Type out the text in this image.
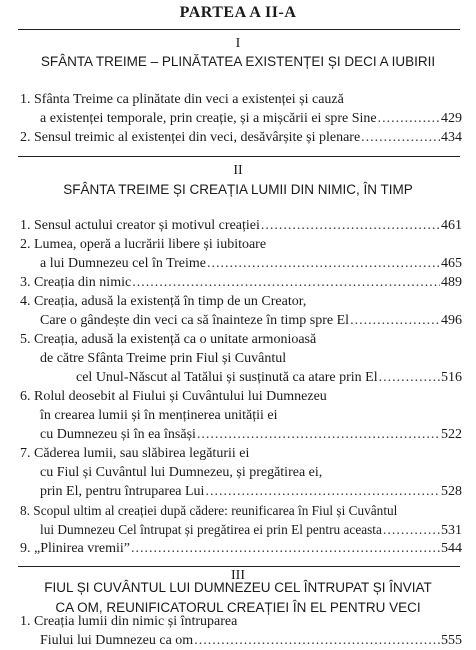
PARTEA A II-A
I
SFÂNTA TREIME – PLINĂTATEA EXISTENȚEI ȘI DECI A IUBIRII
1. Sfânta Treime ca plinătate din veci a existenței și cauză
a existenței temporale, prin creație, și a mișcării ei spre Sine .....	429
2. Sensul treimic al existenței din veci, desăvârșite și plenare .....	434
II
SFÂNTA TREIME ȘI CREAȚIA LUMII DIN NIMIC, ÎN TIMP
1. Sensul actului creator și motivul creației .....	461
2. Lumea, operă a lucrării libere și iubitoare
a lui Dumnezeu cel în Treime .....	465
3. Creația din nimic .....	489
4. Creația, adusă la existență în timp de un Creator,
Care o gândește din veci ca să înainteze în timp spre El .....	496
5. Creația, adusă la existență ca o unitate armonioasă
de către Sfânta Treime prin Fiul și Cuvântul
cel Unul-Născut al Tatălui și susținută ca atare prin El .....	516
6. Rolul deosebit al Fiului și Cuvântului lui Dumnezeu
în crearea lumii și în menținerea unității ei
cu Dumnezeu și în ea însăși .....	522
7. Căderea lumii, sau slăbirea legăturii ei
cu Fiul și Cuvântul lui Dumnezeu, și pregătirea ei,
prin El, pentru întruparea Lui .....	528
8. Scopul ultim al creației după cădere: reunificarea în Fiul și Cuvântul
lui Dumnezeu Cel întrupat și pregătirea ei prin El pentru aceasta .....	531
9. „Plinirea vremii” .....	544
III
FIUL ȘI CUVÂNTUL LUI DUMNEZEU CEL ÎNTRUPAT ȘI ÎNVIAT
CA OM, REUNIFICATORUL CREAȚIEI ÎN EL PENTRU VECI
1. Creația lumii din nimic și întruparea
Fiului lui Dumnezeu ca om .....	555
